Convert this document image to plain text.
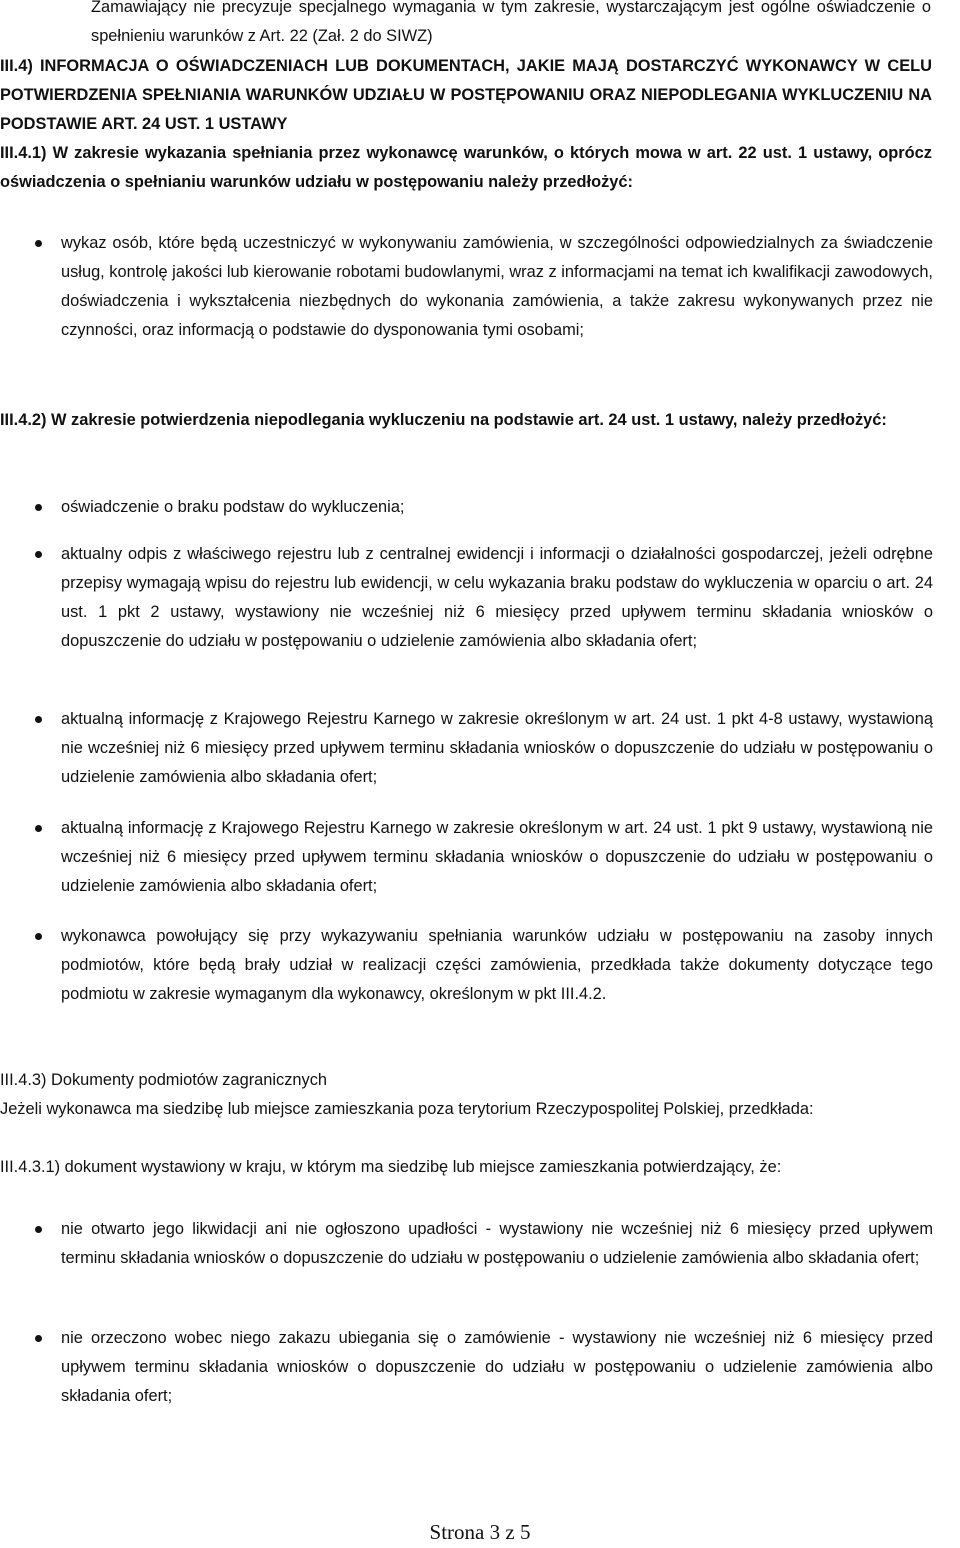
Zamawiający nie precyzuje specjalnego wymagania w tym zakresie, wystarczającym jest ogólne oświadczenie o spełnieniu warunków z Art. 22 (Zał. 2 do SIWZ)
III.4) INFORMACJA O OŚWIADCZENIACH LUB DOKUMENTACH, JAKIE MAJĄ DOSTARCZYĆ WYKONAWCY W CELU POTWIERDZENIA SPEŁNIANIA WARUNKÓW UDZIAŁU W POSTĘPOWANIU ORAZ NIEPODLEGANIA WYKLUCZENIU NA PODSTAWIE ART. 24 UST. 1 USTAWY
III.4.1) W zakresie wykazania spełniania przez wykonawcę warunków, o których mowa w art. 22 ust. 1 ustawy, oprócz oświadczenia o spełnianiu warunków udziału w postępowaniu należy przedłożyć:
wykaz osób, które będą uczestniczyć w wykonywaniu zamówienia, w szczególności odpowiedzialnych za świadczenie usług, kontrolę jakości lub kierowanie robotami budowlanymi, wraz z informacjami na temat ich kwalifikacji zawodowych, doświadczenia i wykształcenia niezbędnych do wykonania zamówienia, a także zakresu wykonywanych przez nie czynności, oraz informacją o podstawie do dysponowania tymi osobami;
III.4.2) W zakresie potwierdzenia niepodlegania wykluczeniu na podstawie art. 24 ust. 1 ustawy, należy przedłożyć:
oświadczenie o braku podstaw do wykluczenia;
aktualny odpis z właściwego rejestru lub z centralnej ewidencji i informacji o działalności gospodarczej, jeżeli odrębne przepisy wymagają wpisu do rejestru lub ewidencji, w celu wykazania braku podstaw do wykluczenia w oparciu o art. 24 ust. 1 pkt 2 ustawy, wystawiony nie wcześniej niż 6 miesięcy przed upływem terminu składania wniosków o dopuszczenie do udziału w postępowaniu o udzielenie zamówienia albo składania ofert;
aktualną informację z Krajowego Rejestru Karnego w zakresie określonym w art. 24 ust. 1 pkt 4-8 ustawy, wystawioną nie wcześniej niż 6 miesięcy przed upływem terminu składania wniosków o dopuszczenie do udziału w postępowaniu o udzielenie zamówienia albo składania ofert;
aktualną informację z Krajowego Rejestru Karnego w zakresie określonym w art. 24 ust. 1 pkt 9 ustawy, wystawioną nie wcześniej niż 6 miesięcy przed upływem terminu składania wniosków o dopuszczenie do udziału w postępowaniu o udzielenie zamówienia albo składania ofert;
wykonawca powołujący się przy wykazywaniu spełniania warunków udziału w postępowaniu na zasoby innych podmiotów, które będą brały udział w realizacji części zamówienia, przedkłada także dokumenty dotyczące tego podmiotu w zakresie wymaganym dla wykonawcy, określonym w pkt III.4.2.
III.4.3) Dokumenty podmiotów zagranicznych
Jeżeli wykonawca ma siedzibę lub miejsce zamieszkania poza terytorium Rzeczypospolitej Polskiej, przedkłada:
III.4.3.1) dokument wystawiony w kraju, w którym ma siedzibę lub miejsce zamieszkania potwierdzający, że:
nie otwarto jego likwidacji ani nie ogłoszono upadłości - wystawiony nie wcześniej niż 6 miesięcy przed upływem terminu składania wniosków o dopuszczenie do udziału w postępowaniu o udzielenie zamówienia albo składania ofert;
nie orzeczono wobec niego zakazu ubiegania się o zamówienie - wystawiony nie wcześniej niż 6 miesięcy przed upływem terminu składania wniosków o dopuszczenie do udziału w postępowaniu o udzielenie zamówienia albo składania ofert;
Strona 3 z 5
